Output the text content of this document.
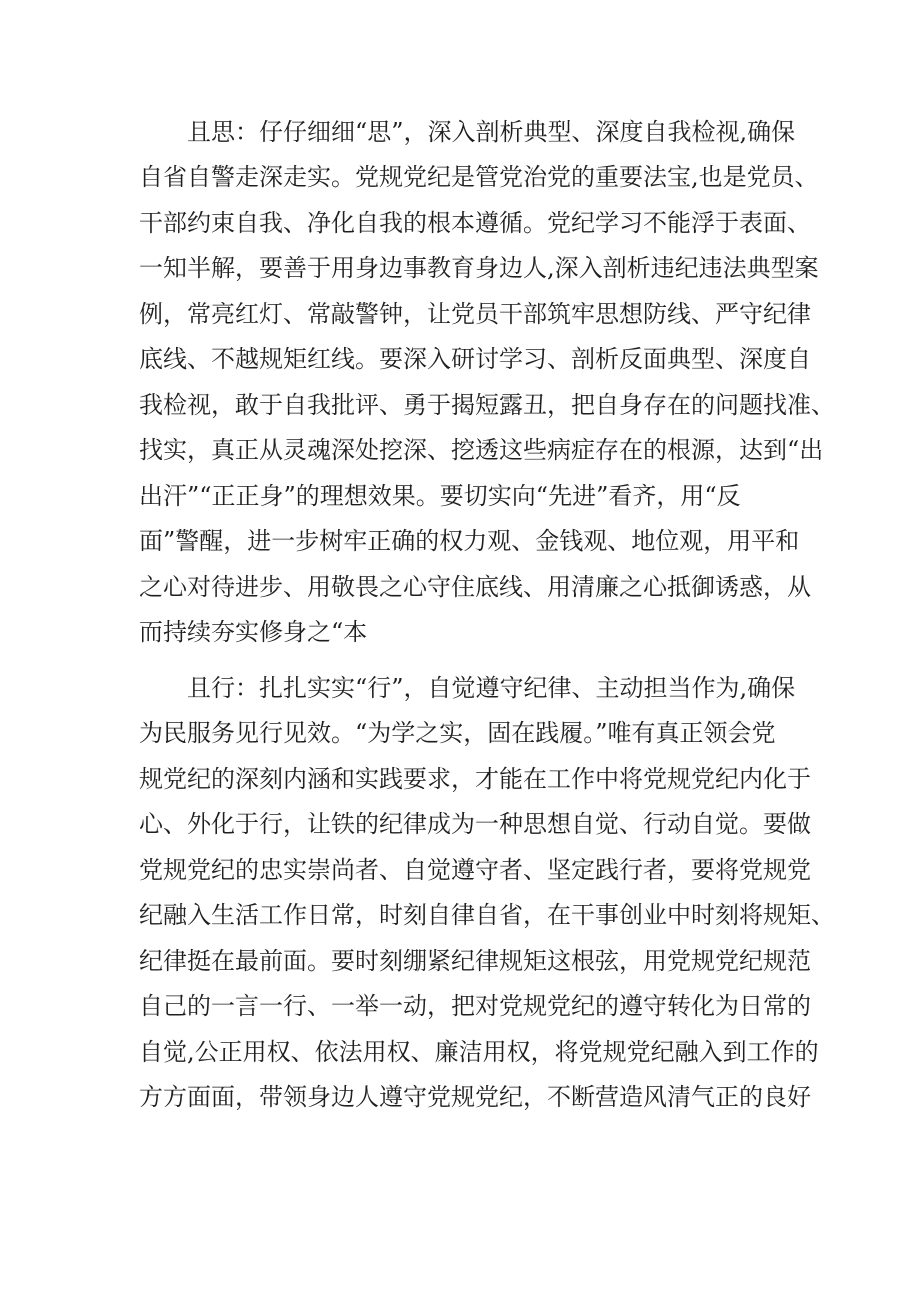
且思：仔仔细细“思”，深入剖析典型、深度自我检视,确保
自省自警走深走实。党规党纪是管党治党的重要法宝,也是党员、
干部约束自我、净化自我的根本遵循。党纪学习不能浮于表面、
一知半解，要善于用身边事教育身边人,深入剖析违纪违法典型案
例，常亮红灯、常敲警钟，让党员干部筑牢思想防线、严守纪律
底线、不越规矩红线。要深入研讨学习、剖析反面典型、深度自
我检视，敢于自我批评、勇于揭短露丑，把自身存在的问题找准、
找实，真正从灵魂深处挖深、挖透这些病症存在的根源，达到“出
出汗”“正正身”的理想效果。要切实向“先进”看齐，用“反
面”警醒，进一步树牢正确的权力观、金钱观、地位观，用平和
之心对待进步、用敬畏之心守住底线、用清廉之心抵御诱惑，从
而持续夯实修身之“本
且行：扎扎实实“行”，自觉遵守纪律、主动担当作为,确保
为民服务见行见效。“为学之实，固在践履。”唯有真正领会党
规党纪的深刻内涵和实践要求，才能在工作中将党规党纪内化于
心、外化于行，让铁的纪律成为一种思想自觉、行动自觉。要做
党规党纪的忠实崇尚者、自觉遵守者、坚定践行者，要将党规党
纪融入生活工作日常，时刻自律自省，在干事创业中时刻将规矩、
纪律挺在最前面。要时刻绷紧纪律规矩这根弦，用党规党纪规范
自己的一言一行、一举一动，把对党规党纪的遵守转化为日常的
自觉,公正用权、依法用权、廉洁用权，将党规党纪融入到工作的
方方面面，带领身边人遵守党规党纪，不断营造风清气正的良好
